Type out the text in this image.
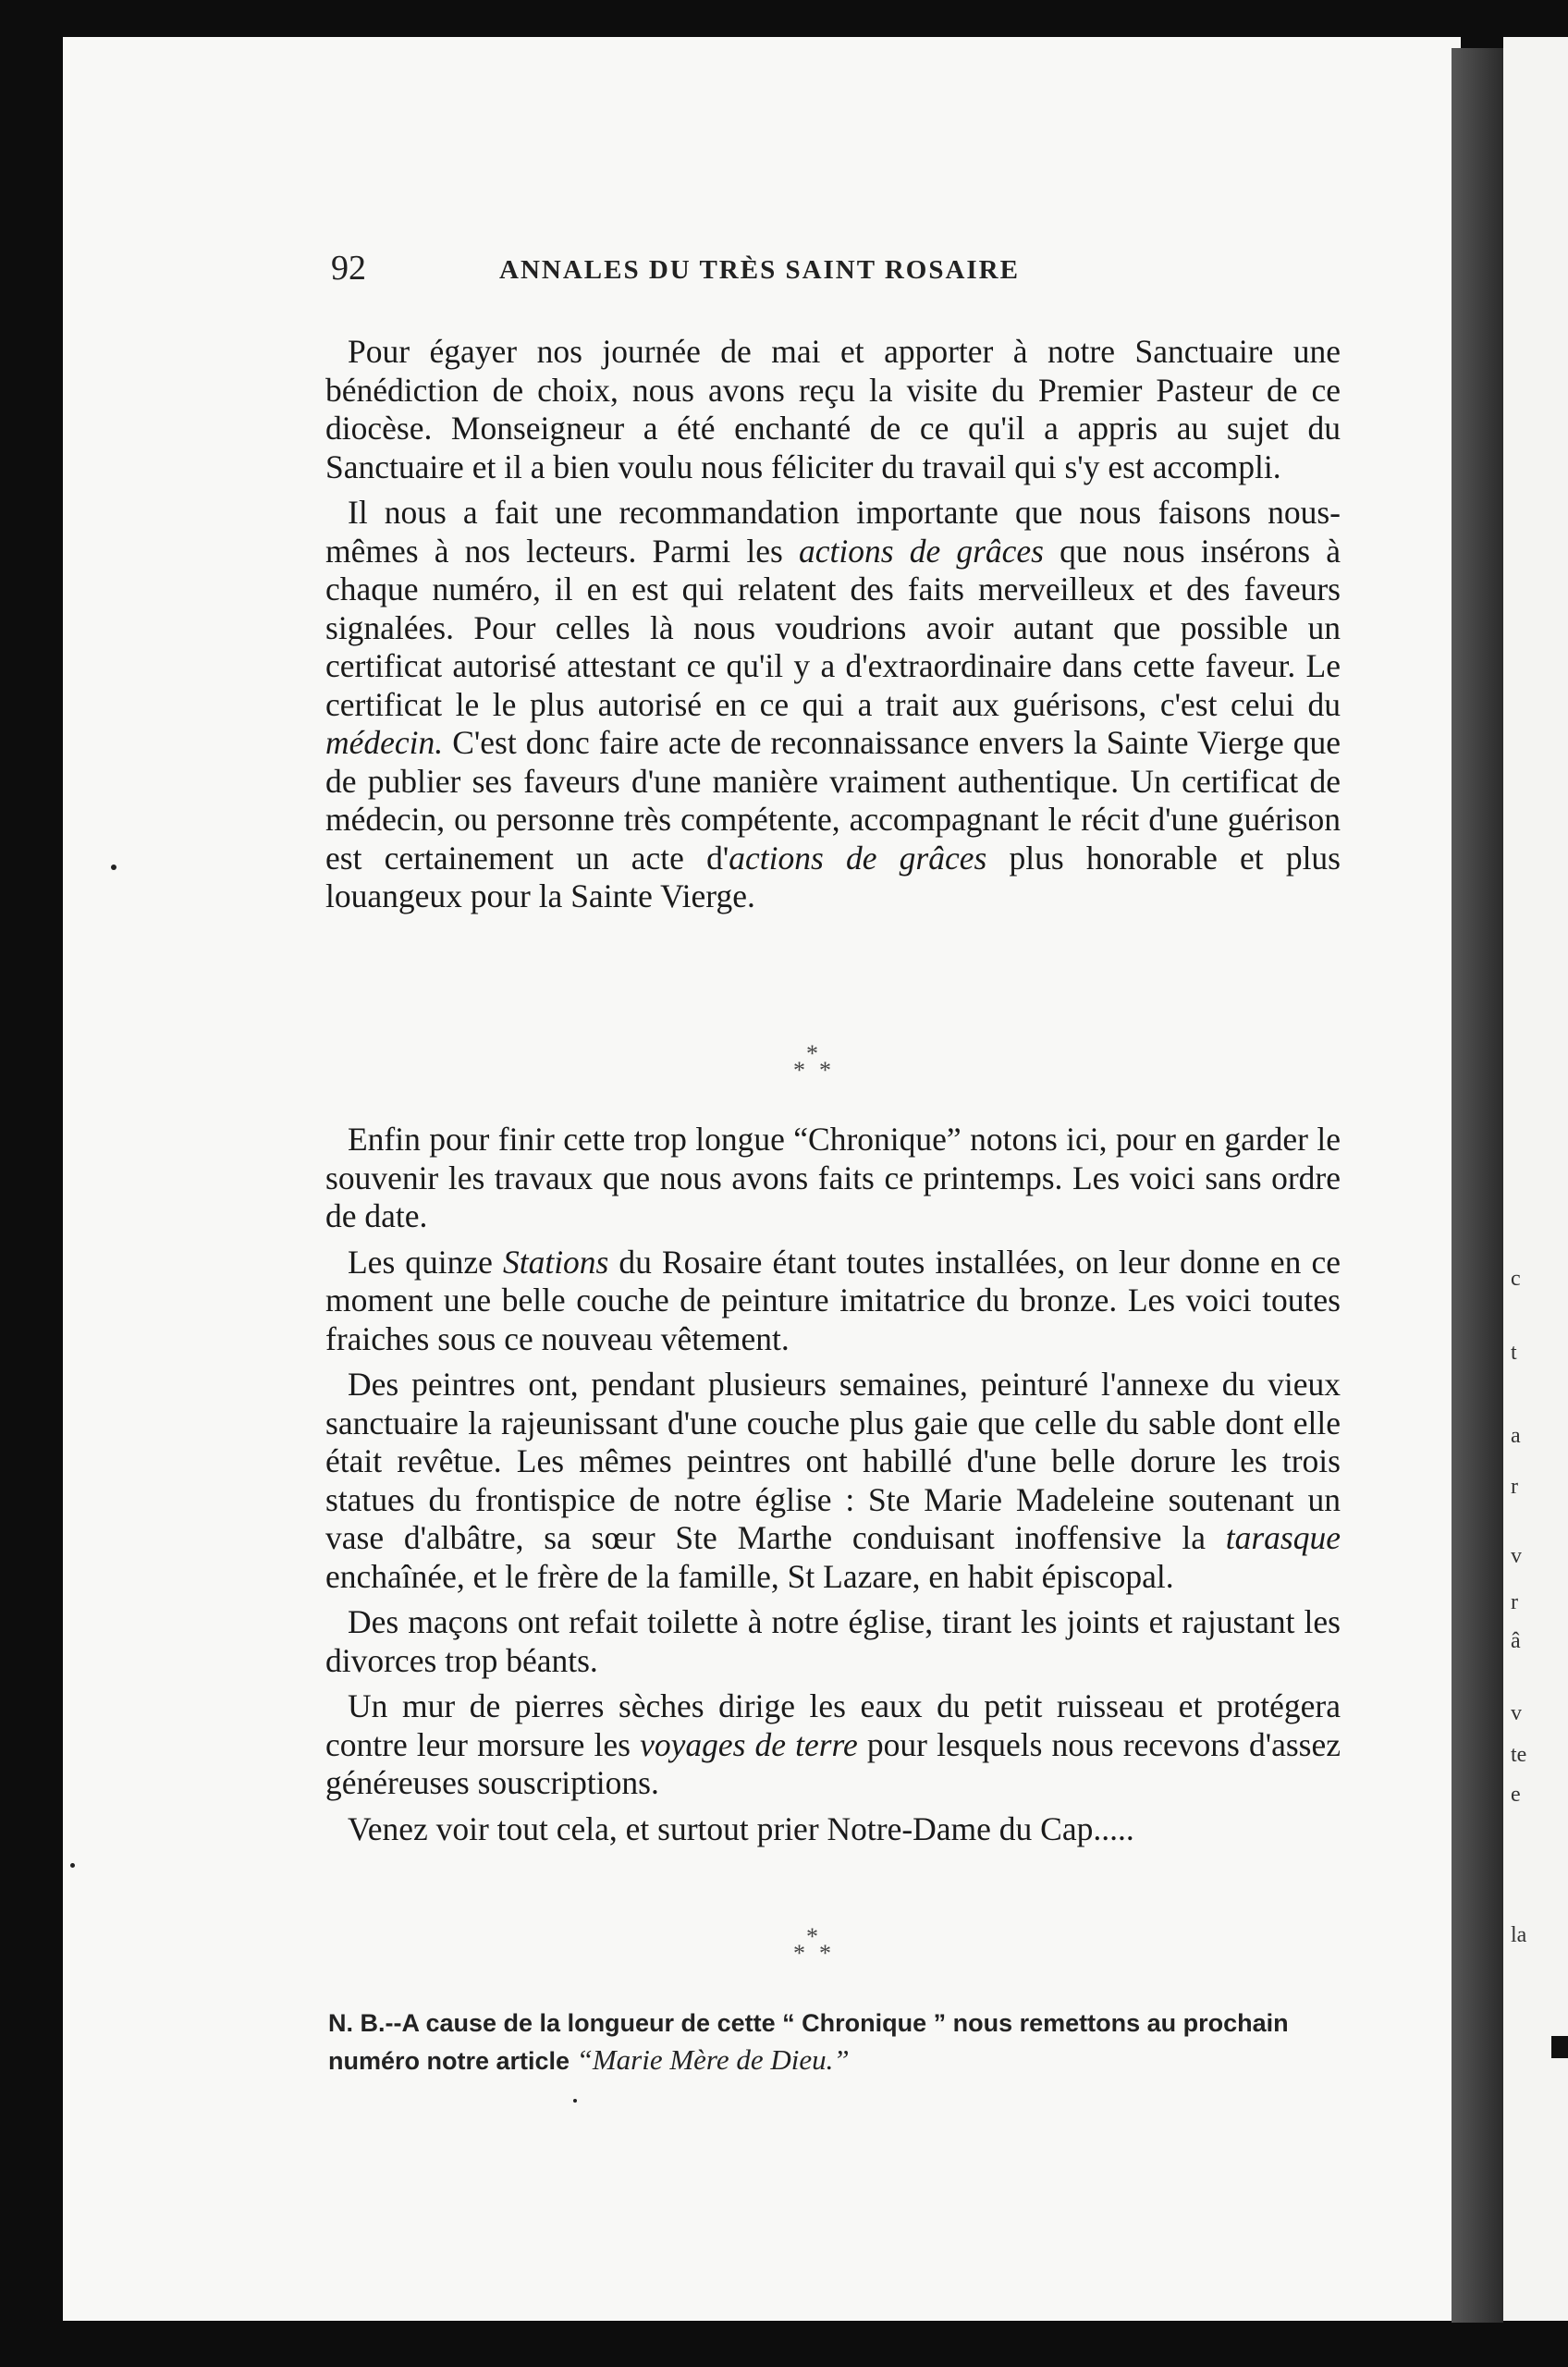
c
t
a
r
v
r
â
v
te
e
la
92	ANNALES DU TRÈS SAINT ROSAIRE

Pour égayer nos journée de mai et apporter à notre Sanctuaire une bénédiction de choix, nous avons reçu la visite du Premier Pasteur de ce diocèse. Monseigneur a été enchanté de ce qu'il a appris au sujet du Sanctuaire et il a bien voulu nous féliciter du travail qui s'y est accompli.

Il nous a fait une recommandation importante que nous faisons nous-mêmes à nos lecteurs. Parmi les actions de grâces que nous insérons à chaque numéro, il en est qui relatent des faits merveilleux et des faveurs signalées. Pour celles là nous voudrions avoir autant que possible un certificat autorisé attestant ce qu'il y a d'extraordinaire dans cette faveur. Le certificat le le plus autorisé en ce qui a trait aux guérisons, c'est celui du médecin. C'est donc faire acte de reconnaissance envers la Sainte Vierge que de publier ses faveurs d'une manière vraiment authentique. Un certificat de médecin, ou personne très compétente, accompagnant le récit d'une guérison est certainement un acte d'actions de grâces plus honorable et plus louangeux pour la Sainte Vierge.

*
* *

Enfin pour finir cette trop longue “Chronique” notons ici, pour en garder le souvenir les travaux que nous avons faits ce printemps. Les voici sans ordre de date.

Les quinze Stations du Rosaire étant toutes installées, on leur donne en ce moment une belle couche de peinture imitatrice du bronze. Les voici toutes fraiches sous ce nouveau vêtement.

Des peintres ont, pendant plusieurs semaines, peinturé l'annexe du vieux sanctuaire la rajeunissant d'une couche plus gaie que celle du sable dont elle était revêtue. Les mêmes peintres ont habillé d'une belle dorure les trois statues du frontispice de notre église : Ste Marie Madeleine soutenant un vase d'albâtre, sa sœur Ste Marthe conduisant inoffensive la tarasque enchaînée, et le frère de la famille, St Lazare, en habit épiscopal.

Des maçons ont refait toilette à notre église, tirant les joints et rajustant les divorces trop béants.

Un mur de pierres sèches dirige les eaux du petit ruisseau et protégera contre leur morsure les voyages de terre pour lesquels nous recevons d'assez généreuses souscriptions.

Venez voir tout cela, et surtout prier Notre-Dame du Cap.....

*
* *
N. B.--A cause de la longueur de cette “ Chronique ” nous remettons au prochain numéro notre article “Marie Mère de Dieu.”
